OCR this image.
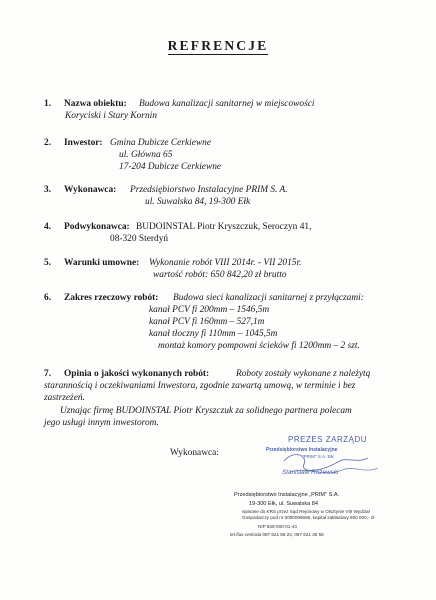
REFRENCJE
1. Nazwa obiektu: Budowa kanalizacji sanitarnej w miejscowości
Koryciski i Stary Kornin
2. Inwestor: Gmina Dubicze Cerkiewne
ul. Główna 65
17-204 Dubicze Cerkiewne
3. Wykonawca: Przedsiębiorstwo Instalacyjne PRIM S. A.
ul. Suwalska 84, 19-300 Ełk
4. Podwykonawca: BUDOINSTAL Piotr Kryszczuk, Seroczyn 41,
08-320 Sterdyń
5. Warunki umowne: Wykonanie robót VIII 2014r. - VII 2015r.
wartość robót: 650 842,20 zł brutto
6. Zakres rzeczowy robót: Budowa sieci kanalizacji sanitarnej z przyłączami:
kanał PCV fi 200mm – 1546,5m
kanał PCV fi 160mm – 527,1m
kanał tłoczny fi 110mm – 1045,5m
montaż komory pompowni ścieków fi 1200mm – 2 szt.
7. Opinia o jakości wykonanych robót:	Roboty zostały wykonane z należytą
starannością i oczekiwaniami Inwestora, zgodnie zawartą umową, w terminie i bez
zastrzeżeń.
Uznając firmę BUDOINSTAL Piotr Kryszczuk za solidnego partnera polecam
jego usługi innym inwestorom.
Wykonawca:
PREZES ZARZĄDU
Przedsiębiorstwo Instalacyjne
"PRIM" S.A. Ełk
Stanisław Różewski
Przedsiębiorstwo Instalacyjne „PRIM" S.A.
19-300 Ełk, ul. Suwalska 84
wpisane do KRS przez Sąd Rejonowy w Olsztynie VIII Wydział
Gospodarczy pod nr 0000096656, kapitał zakładowy 800 000,- zł
NIP 848-000-01-44
tel./fax centrala 087 621 56 24, 087 621 30 58
